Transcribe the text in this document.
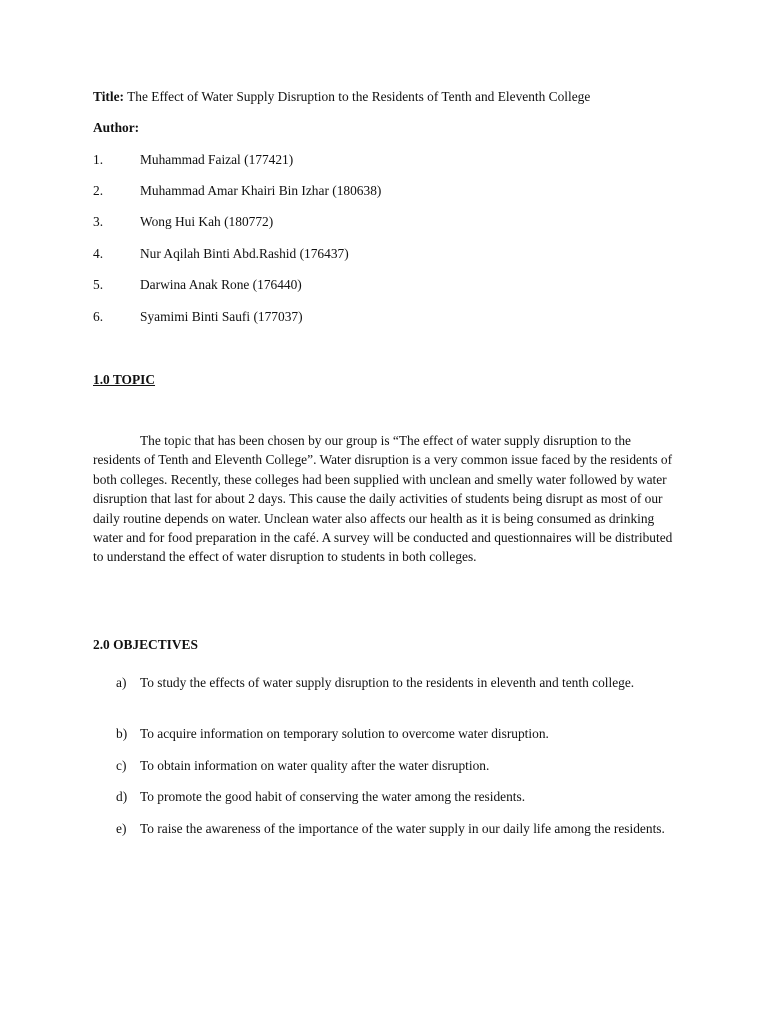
Title: The Effect of Water Supply Disruption to the Residents of Tenth and Eleventh College
Author:
1.	Muhammad Faizal (177421)
2.	Muhammad Amar Khairi Bin Izhar (180638)
3.	Wong Hui Kah (180772)
4.	Nur Aqilah Binti Abd.Rashid (176437)
5.	Darwina Anak Rone (176440)
6.	Syamimi Binti Saufi (177037)
1.0 TOPIC

The topic that has been chosen by our group is “The effect of water supply disruption to the residents of Tenth and Eleventh College”. Water disruption is a very common issue faced by the residents of both colleges. Recently, these colleges had been supplied with unclean and smelly water followed by water disruption that last for about 2 days. This cause the daily activities of students being disrupt as most of our daily routine depends on water. Unclean water also affects our health as it is being consumed as drinking water and for food preparation in the café. A survey will be conducted and questionnaires will be distributed to understand the effect of water disruption to students in both colleges.

2.0 OBJECTIVES
a) To study the effects of water supply disruption to the residents in eleventh and tenth college.

b) To acquire information on temporary solution to overcome water disruption.

c) To obtain information on water quality after the water disruption.

d) To promote the good habit of conserving the water among the residents.

e) To raise the awareness of the importance of the water supply in our daily life among the residents.
